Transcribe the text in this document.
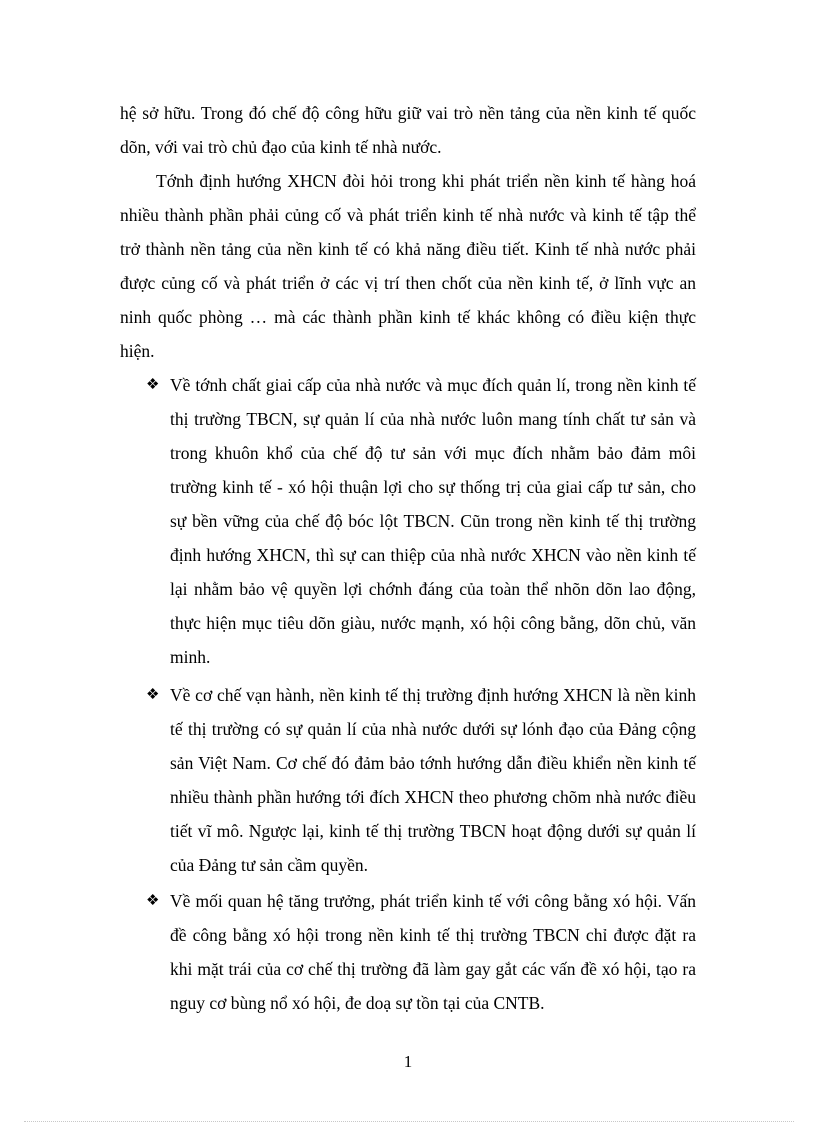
hệ sở hữu. Trong đó chế độ công hữu giữ vai trò nền tảng của nền kinh tế quốc dõn, với vai trò chủ đạo của kinh tế nhà nước.

Tớnh định hướng XHCN đòi hỏi trong khi phát triển nền kinh tế hàng hoá nhiều thành phần phải củng cố và phát triển kinh tế nhà nước và kinh tế tập thể trở thành nền tảng của nền kinh tế có khả năng điều tiết. Kinh tế nhà nước phải được củng cố và phát triển ở các vị trí then chốt của nền kinh tế, ở lĩnh vực an ninh quốc phòng … mà các thành phần kinh tế khác không có điều kiện thực hiện.

❖ Về tớnh chất giai cấp của nhà nước và mục đích quản lí, trong nền kinh tế thị trường TBCN, sự quản lí của nhà nước luôn mang tính chất tư sản và trong khuôn khổ của chế độ tư sản với mục đích nhằm bảo đảm môi trường kinh tế - xó hội thuận lợi cho sự thống trị của giai cấp tư sản, cho sự bền vững của chế độ bóc lột TBCN. Cũn trong nền kinh tế thị trường định hướng XHCN, thì sự can thiệp của nhà nước XHCN vào nền kinh tế lại nhằm bảo vệ quyền lợi chớnh đáng của toàn thể nhõn dõn lao động, thực hiện mục tiêu dõn giàu, nước mạnh, xó hội công bằng, dõn chủ, văn minh.

❖ Về cơ chế vạn hành, nền kinh tế thị trường định hướng XHCN là nền kinh tế thị trường có sự quản lí của nhà nước dưới sự lónh đạo của Đảng cộng sản Việt Nam. Cơ chế đó đảm bảo tớnh hướng dẫn điều khiển nền kinh tế nhiều thành phần hướng tới đích XHCN theo phương chõm nhà nước điều tiết vĩ mô. Ngược lại, kinh tế thị trường TBCN hoạt động dưới sự quản lí của Đảng tư sản cầm quyền.

❖ Về mối quan hệ tăng trưởng, phát triển kinh tế với công bằng xó hội. Vấn đề công bằng xó hội trong nền kinh tế thị trường TBCN chỉ được đặt ra khi mặt trái của cơ chế thị trường đã làm gay gắt các vấn đề xó hội, tạo ra nguy cơ bùng nổ xó hội, đe doạ sự tồn tại của CNTB.

1
